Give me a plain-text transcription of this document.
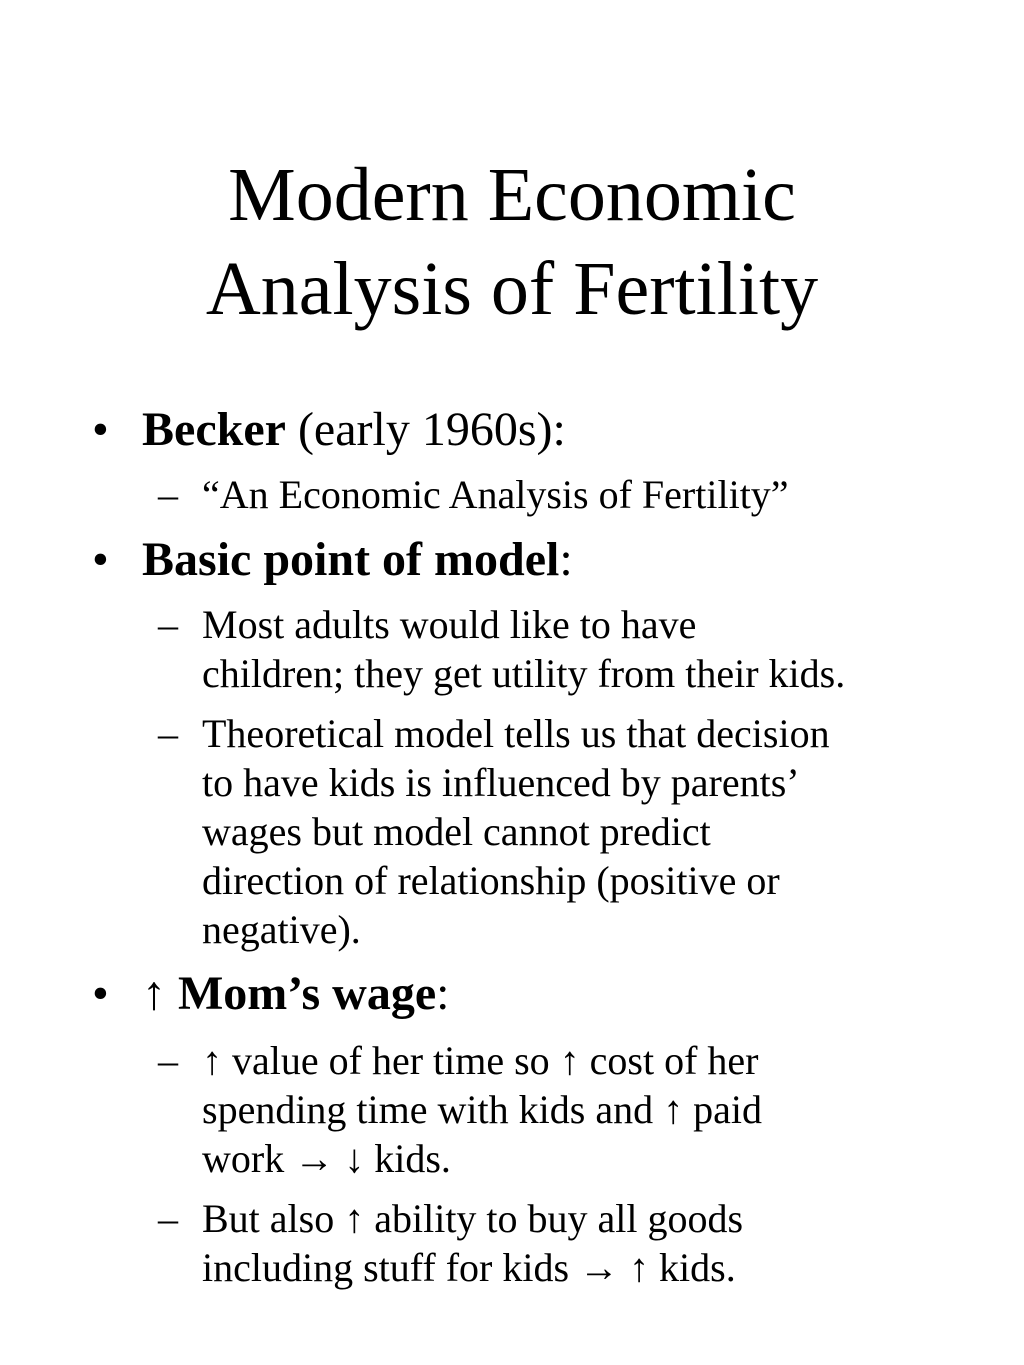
Modern Economic
Analysis of Fertility
• Becker (early 1960s):
– “An Economic Analysis of Fertility”
• Basic point of model:
– Most adults would like to have
children; they get utility from their kids.
– Theoretical model tells us that decision
to have kids is influenced by parents’
wages but model cannot predict
direction of relationship (positive or
negative).
• ↑ Mom’s wage:
– ↑ value of her time so ↑ cost of her
spending time with kids and ↑ paid
work → ↓ kids.
– But also ↑ ability to buy all goods
including stuff for kids → ↑ kids.
